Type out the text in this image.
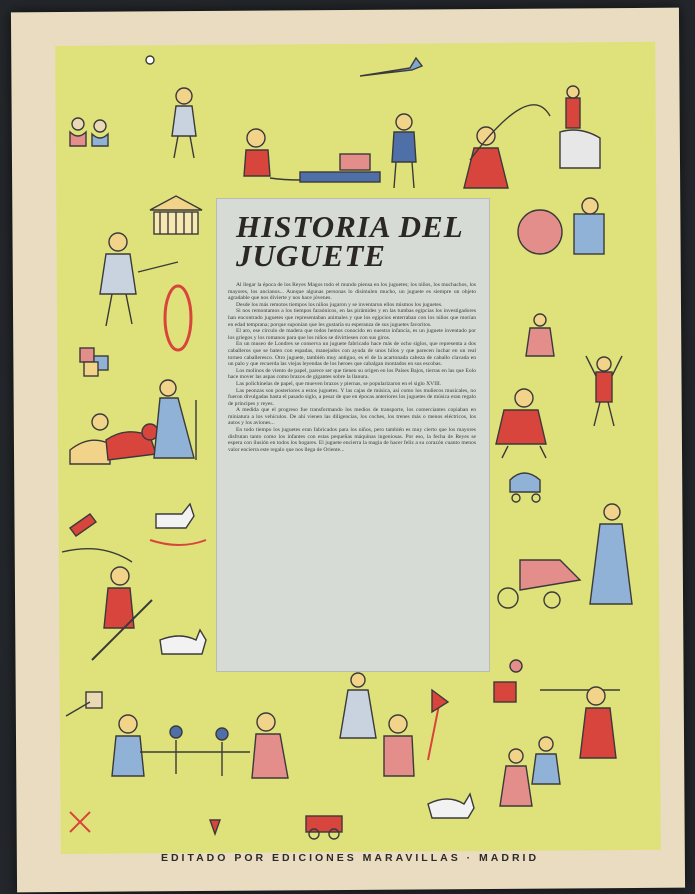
HISTORIA DEL JUGUETE

Al llegar la época de los Reyes Magos todo el mundo piensa en los juguetes; los niños, los muchachos, los mayores, los ancianos... Aunque algunas personas lo disimulen mucho, un juguete es siempre un objeto agradable que nos divierte y nos hace jóvenes.

Desde los más remotos tiempos los niños jugaron y se inventaron ellos mismos los juguetes.

Si nos remontamos a los tiempos faraónicos, en las pirámides y en las tumbas egipcias los investigadores han encontrado juguetes que representaban animales y que los egipcios enterraban con los niños que morían en edad temprana; porque suponían que les gustaría su esperanza de sus juguetes favoritos.

El aro, ese círculo de madera que todos hemos conocido en nuestra infancia, es un juguete inventado por los griegos y los romanos para que los niños se divirtiesen con sus giros.

En un museo de Londres se conserva un juguete fabricado hace más de ocho siglos, que representa a dos caballeros que se baten con espadas, manejados con ayuda de unos hilos y que parecen luchar en un real torneo caballeresco. Otro juguete, también muy antiguo, es el de la acartonada cabeza de caballo clavada en un palo y que recuerda las viejas leyendas de los heroes que cabalgan montados en sus escobas.

Los molinos de viento de papel, parece ser que tienen su origen en los Países Bajos, tierras en las que Eolo hace mover las aspas como brazos de gigantes sobre la llanura.

Las polichinelas de papel, que mueven brazos y piernas, se popularizaron en el siglo XVIII.

Las peonzas son posteriores a estos juguetes. Y las cajas de música, así como los muñecos musicales, no fueron divulgadas hasta el pasado siglo, a pesar de que en épocas anteriores los juguetes de música eran regalo de príncipes y reyes.

A medida que el progreso fue transformando los medios de transporte, los comerciantes copiaban en miniatura a los vehículos. De ahí vienen las diligencias, los coches, los trenes más o menos eléctricos, los autos y los aviones...

En todo tiempo los juguetes eran fabricados para los niños, pero también es muy cierto que los mayores disfrutan tanto como los infantes con estas pequeñas máquinas ingeniosas. Por eso, la fecha de Reyes se espera con ilusión en todos los hogares. El juguete encierra la magia de hacer feliz a su corazón cuanto menos valor encierra este regalo que nos llega de Oriente...

EDITADO POR EDICIONES MARAVILLAS · MADRID
